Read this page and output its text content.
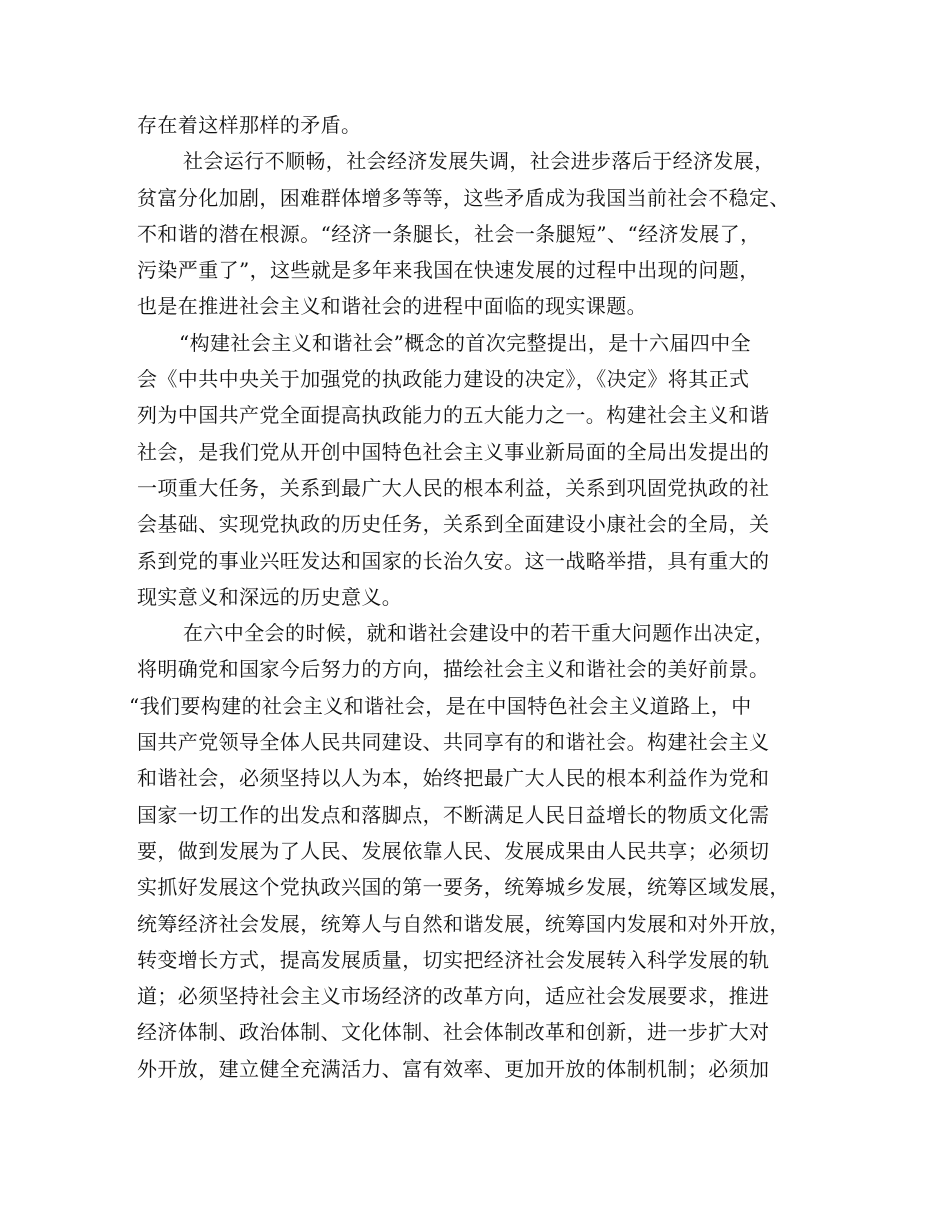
存在着这样那样的矛盾。
社会运行不顺畅，社会经济发展失调，社会进步落后于经济发展，
贫富分化加剧，困难群体增多等等，这些矛盾成为我国当前社会不稳定、
不和谐的潜在根源。“经济一条腿长，社会一条腿短”、“经济发展了，
污染严重了”，这些就是多年来我国在快速发展的过程中出现的问题，
也是在推进社会主义和谐社会的进程中面临的现实课题。
“构建社会主义和谐社会”概念的首次完整提出，是十六届四中全
会《中共中央关于加强党的执政能力建设的决定》，《决定》将其正式
列为中国共产党全面提高执政能力的五大能力之一。构建社会主义和谐
社会，是我们党从开创中国特色社会主义事业新局面的全局出发提出的
一项重大任务，关系到最广大人民的根本利益，关系到巩固党执政的社
会基础、实现党执政的历史任务，关系到全面建设小康社会的全局，关
系到党的事业兴旺发达和国家的长治久安。这一战略举措，具有重大的
现实意义和深远的历史意义。
在六中全会的时候，就和谐社会建设中的若干重大问题作出决定，
将明确党和国家今后努力的方向，描绘社会主义和谐社会的美好前景。
“我们要构建的社会主义和谐社会，是在中国特色社会主义道路上，中
国共产党领导全体人民共同建设、共同享有的和谐社会。构建社会主义
和谐社会，必须坚持以人为本，始终把最广大人民的根本利益作为党和
国家一切工作的出发点和落脚点，不断满足人民日益增长的物质文化需
要，做到发展为了人民、发展依靠人民、发展成果由人民共享；必须切
实抓好发展这个党执政兴国的第一要务，统筹城乡发展，统筹区域发展，
统筹经济社会发展，统筹人与自然和谐发展，统筹国内发展和对外开放，
转变增长方式，提高发展质量，切实把经济社会发展转入科学发展的轨
道；必须坚持社会主义市场经济的改革方向，适应社会发展要求，推进
经济体制、政治体制、文化体制、社会体制改革和创新，进一步扩大对
外开放，建立健全充满活力、富有效率、更加开放的体制机制；必须加
